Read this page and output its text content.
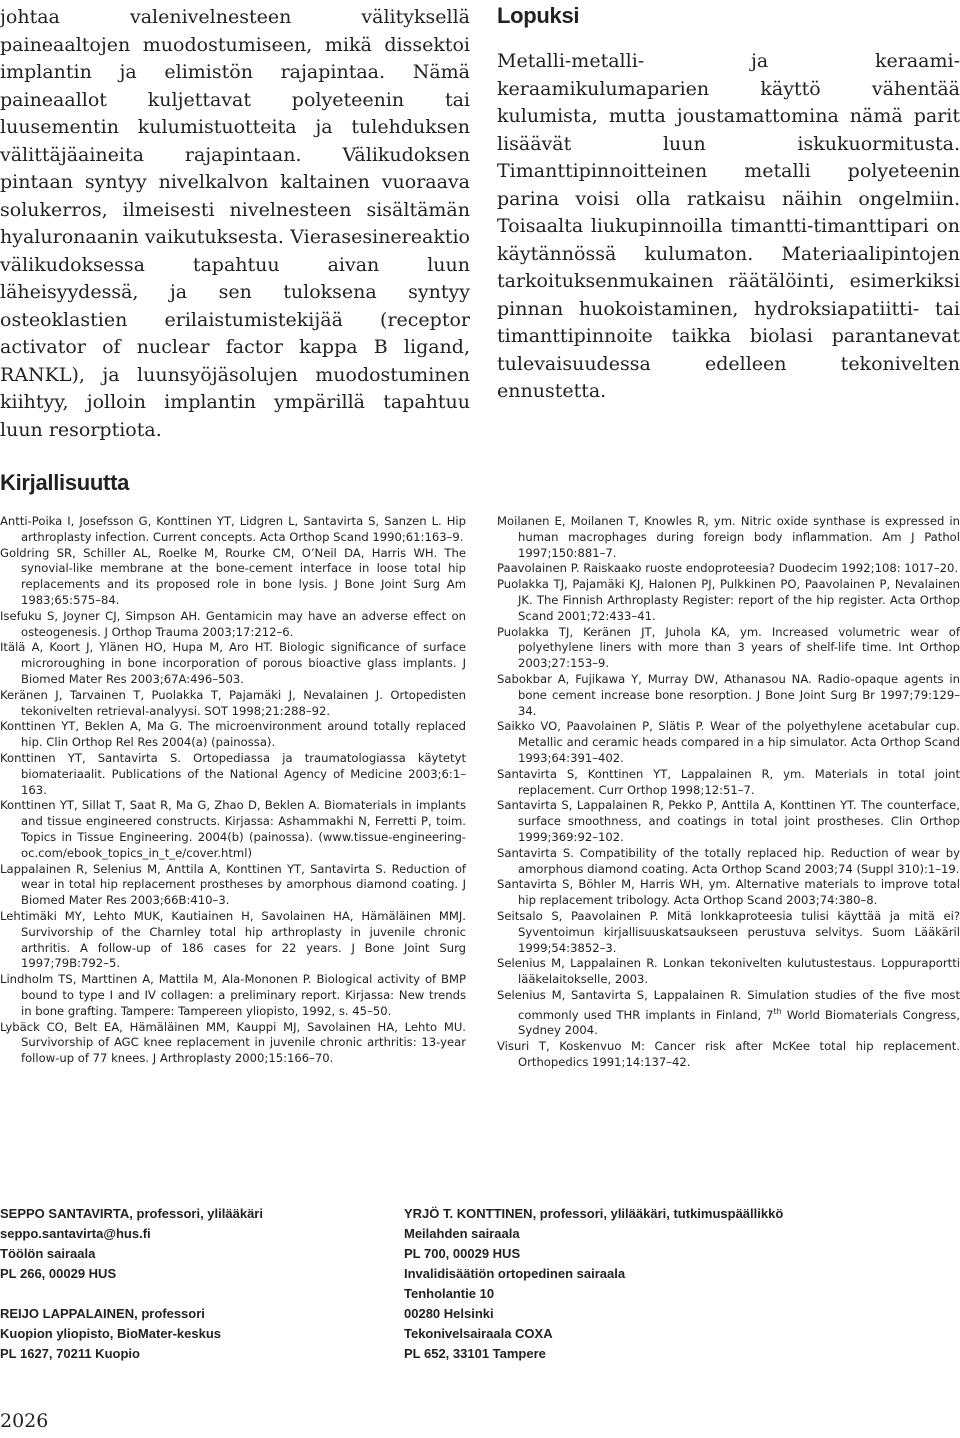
johtaa valenivelnesteen välityksellä paineaaltojen muodostumiseen, mikä dissektoi implantin ja elimistön rajapintaa. Nämä paineaallot kuljettavat polyeteenin tai luusementin kulumistuotteita ja tulehduksen välittäjäaineita rajapintaan. Välikudoksen pintaan syntyy nivelkalvon kaltainen vuoraava solukerros, ilmeisesti nivelnesteen sisältämän hyaluronaanin vaikutuksesta. Vierasesinereaktio välikudoksessa tapahtuu aivan luun läheisyydessä, ja sen tuloksena syntyy osteoklastien erilaistumistekijää (receptor activator of nuclear factor kappa B ligand, RANKL), ja luunsyöjäsolujen muodostuminen kiihtyy, jolloin implantin ympärillä tapahtuu luun resorptiota.

Lopuksi

Metalli-metalli- ja keraami-keraamikulumaparien käyttö vähentää kulumista, mutta joustamattomina nämä parit lisäävät luun iskukuormitusta. Timanttipinnoitteinen metalli polyeteenin parina voisi olla ratkaisu näihin ongelmiin. Toisaalta liukupinnoilla timantti-timanttipari on käytännössä kulumaton. Materiaalipintojen tarkoituksenmukainen räätälöinti, esimerkiksi pinnan huokoistaminen, hydroksiapatiitti- tai timanttipinnoite taikka biolasi parantanevat tulevaisuudessa edelleen tekonivelten ennustetta.

Kirjallisuutta

Antti-Poika I, Josefsson G, Konttinen YT, Lidgren L, Santavirta S, Sanzen L. Hip arthroplasty infection. Current concepts. Acta Orthop Scand 1990;61:163–9.

Goldring SR, Schiller AL, Roelke M, Rourke CM, O’Neil DA, Harris WH. The synovial-like membrane at the bone-cement interface in loose total hip replacements and its proposed role in bone lysis. J Bone Joint Surg Am 1983;65:575–84.

Isefuku S, Joyner CJ, Simpson AH. Gentamicin may have an adverse effect on osteogenesis. J Orthop Trauma 2003;17:212–6.

Itälä A, Koort J, Ylänen HO, Hupa M, Aro HT. Biologic significance of surface microroughing in bone incorporation of porous bioactive glass implants. J Biomed Mater Res 2003;67A:496–503.

Keränen J, Tarvainen T, Puolakka T, Pajamäki J, Nevalainen J. Ortopedisten tekonivelten retrieval-analyysi. SOT 1998;21:288–92.

Konttinen YT, Beklen A, Ma G. The microenvironment around totally replaced hip. Clin Orthop Rel Res 2004(a) (painossa).

Konttinen YT, Santavirta S. Ortopediassa ja traumatologiassa käytetyt biomateriaalit. Publications of the National Agency of Medicine 2003;6:1–163.

Konttinen YT, Sillat T, Saat R, Ma G, Zhao D, Beklen A. Biomaterials in implants and tissue engineered constructs. Kirjassa: Ashammakhi N, Ferretti P, toim. Topics in Tissue Engineering. 2004(b) (painossa). (www.tissue-engineering-oc.com/ebook_topics_in_t_e/cover.html)

Lappalainen R, Selenius M, Anttila A, Konttinen YT, Santavirta S. Reduction of wear in total hip replacement prostheses by amorphous diamond coating. J Biomed Mater Res 2003;66B:410–3.

Lehtimäki MY, Lehto MUK, Kautiainen H, Savolainen HA, Hämäläinen MMJ. Survivorship of the Charnley total hip arthroplasty in juvenile chronic arthritis. A follow-up of 186 cases for 22 years. J Bone Joint Surg 1997;79B:792–5.

Lindholm TS, Marttinen A, Mattila M, Ala-Mononen P. Biological activity of BMP bound to type I and IV collagen: a preliminary report. Kirjassa: New trends in bone grafting. Tampere: Tampereen yliopisto, 1992, s. 45–50.

Lybäck CO, Belt EA, Hämäläinen MM, Kauppi MJ, Savolainen HA, Lehto MU. Survivorship of AGC knee replacement in juvenile chronic arthritis: 13-year follow-up of 77 knees. J Arthroplasty 2000;15:166–70.

Moilanen E, Moilanen T, Knowles R, ym. Nitric oxide synthase is expressed in human macrophages during foreign body inflammation. Am J Pathol 1997;150:881–7.

Paavolainen P. Raiskaako ruoste endoproteesia? Duodecim 1992;108: 1017–20.

Puolakka TJ, Pajamäki KJ, Halonen PJ, Pulkkinen PO, Paavolainen P, Nevalainen JK. The Finnish Arthroplasty Register: report of the hip register. Acta Orthop Scand 2001;72:433–41.

Puolakka TJ, Keränen JT, Juhola KA, ym. Increased volumetric wear of polyethylene liners with more than 3 years of shelf-life time. Int Orthop 2003;27:153–9.

Sabokbar A, Fujikawa Y, Murray DW, Athanasou NA. Radio-opaque agents in bone cement increase bone resorption. J Bone Joint Surg Br 1997;79:129–34.

Saikko VO, Paavolainen P, Slätis P. Wear of the polyethylene acetabular cup. Metallic and ceramic heads compared in a hip simulator. Acta Orthop Scand 1993;64:391–402.

Santavirta S, Konttinen YT, Lappalainen R, ym. Materials in total joint replacement. Curr Orthop 1998;12:51–7.

Santavirta S, Lappalainen R, Pekko P, Anttila A, Konttinen YT. The counterface, surface smoothness, and coatings in total joint prostheses. Clin Orthop 1999;369:92–102.

Santavirta S. Compatibility of the totally replaced hip. Reduction of wear by amorphous diamond coating. Acta Orthop Scand 2003;74 (Suppl 310):1–19.

Santavirta S, Böhler M, Harris WH, ym. Alternative materials to improve total hip replacement tribology. Acta Orthop Scand 2003;74:380–8.

Seitsalo S, Paavolainen P. Mitä lonkkaproteesia tulisi käyttää ja mitä ei? Syventoimun kirjallisuuskatsaukseen perustuva selvitys. Suom Lääkäril 1999;54:3852–3.

Selenius M, Lappalainen R. Lonkan tekonivelten kulutustestaus. Loppuraportti lääkelaitokselle, 2003.

Selenius M, Santavirta S, Lappalainen R. Simulation studies of the five most commonly used THR implants in Finland, 7th World Biomaterials Congress, Sydney 2004.

Visuri T, Koskenvuo M: Cancer risk after McKee total hip replacement. Orthopedics 1991;14:137–42.

SEPPO SANTAVIRTA, professori, ylilääkäri
seppo.santavirta@hus.fi
Töölön sairaala
PL 266, 00029 HUS
REIJO LAPPALAINEN, professori
Kuopion yliopisto, BioMater-keskus
PL 1627, 70211 Kuopio
YRJÖ T. KONTTINEN, professori, ylilääkäri, tutkimuspäällikkö
Meilahden sairaala
PL 700, 00029 HUS
Invalidisäätiön ortopedinen sairaala
Tenholantie 10
00280 Helsinki
Tekonivelsairaala COXA
PL 652, 33101 Tampere
2026
